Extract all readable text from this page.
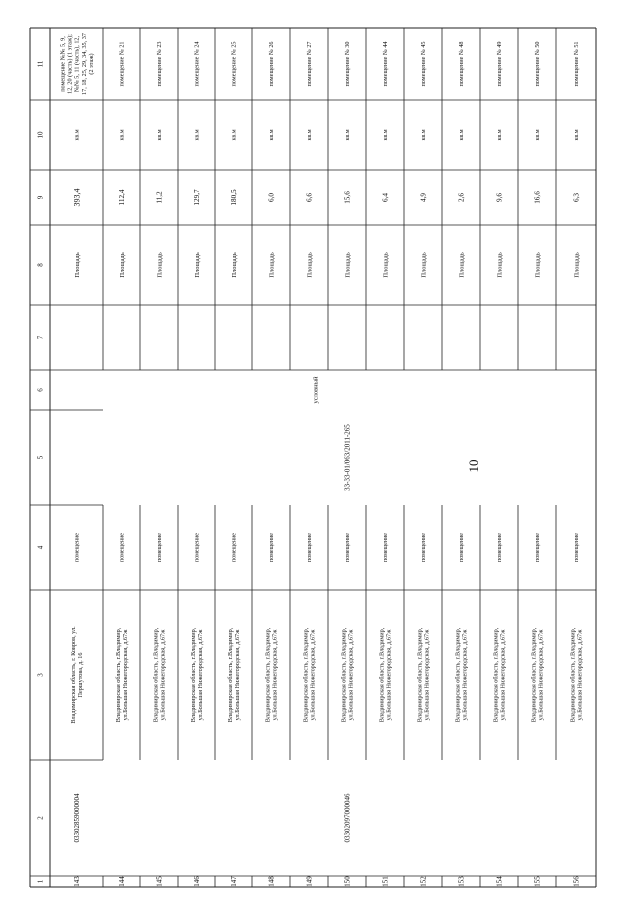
10
1
2
3
4
5
6
7
8
9
10
11
143
Владимирская область, г. Ковров, ул.Першутова, д. 16
помещение
Площадь
393,4
кв.м
помещение №№ 5, 9,12, 20 (часть) (1 этаж);№№ 5, 11 (часть), 12,17, 18, 25, 29, 34, 35, 37(2 этаж)
144
Владимирская область, г.Владимир,ул.Большая Нижегородская, д.67ж
помещение
Площадь
112,4
кв.м
помещение № 21
145
Владимирская область, г.Владимир,ул.Большая Нижегородская, д.67ж
помещение
Площадь
11,2
кв.м
помещение № 23
146
Владимирская область, г.Владимир,ул.Большая Нижегородская, д.67ж
помещение
Площадь
129,7
кв.м
помещение № 24
147
Владимирская область, г.Владимир,ул.Большая Нижегородская, д.67ж
помещение
Площадь
180,5
кв.м
помещение № 25
148
Владимирская область, г.Владимир,ул.Большая Нижегородская, д.67ж
помещение
Площадь
6,0
кв.м
помещение № 26
149
Владимирская область, г.Владимир,ул.Большая Нижегородская, д.67ж
помещение
Площадь
6,6
кв.м
помещение № 27
150
Владимирская область, г.Владимир,ул.Большая Нижегородская, д.67ж
помещение
Площадь
15,6
кв.м
помещение № 30
151
Владимирская область, г.Владимир,ул.Большая Нижегородская, д.67ж
помещение
Площадь
6,4
кв.м
помещение № 44
152
Владимирская область, г.Владимир,ул.Большая Нижегородская, д.67ж
помещение
Площадь
4,9
кв.м
помещение № 45
153
Владимирская область, г.Владимир,ул.Большая Нижегородская, д.67ж
помещение
Площадь
2,6
кв.м
помещение № 48
154
Владимирская область, г.Владимир,ул.Большая Нижегородская, д.67ж
помещение
Площадь
9,6
кв.м
помещение № 49
155
Владимирская область, г.Владимир,ул.Большая Нижегородская, д.67ж
помещение
Площадь
16,6
кв.м
помещение № 50
156
Владимирская область, г.Владимир,ул.Большая Нижегородская, д.67ж
помещение
Площадь
6,3
кв.м
помещение № 51
03302859000004	03302097000046
33-33-01/063/2011-265
условный
